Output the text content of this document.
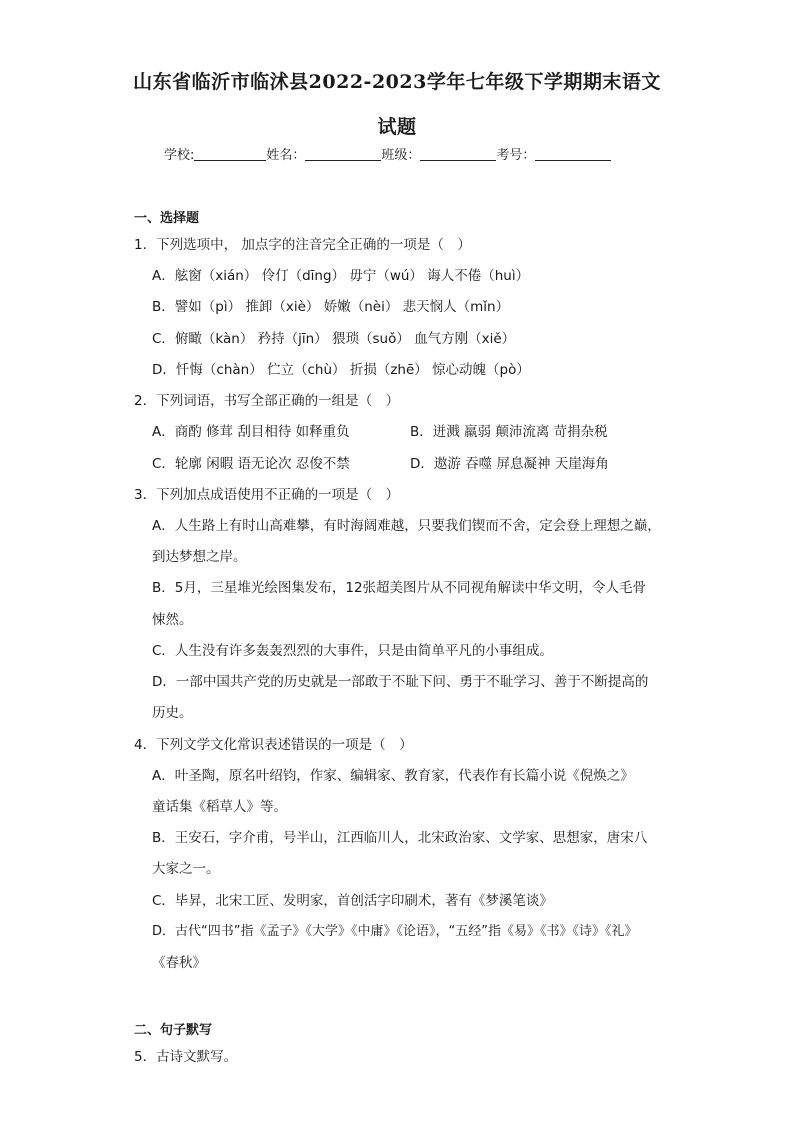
山东省临沂市临沭县2022-2023学年七年级下学期期末语文
试题
学校:	姓名：	班级：	考号：
一、选择题
1．下列选项中， 加点字的注音完全正确的一项是（　）
A．舷窗（xián） 伶仃（dīng） 毋宁（wú） 诲人不倦（huì）
B．譬如（pì） 推卸（xiè） 娇嫩（nèi） 悲天悯人（mǐn）
C．俯瞰（kàn） 矜持（jīn） 猥琐（suǒ） 血气方刚（xiě）
D．忏悔（chàn） 伫立（chù） 折损（zhē） 惊心动魄（pò）
2．下列词语，书写全部正确的一组是（　）
A．商酌 修茸 刮目相待 如释重负	B．迸溅 羸弱 颠沛流离 苛捐杂税
C．轮廓 闲暇 语无论次 忍俊不禁	D．遨游 吞噬 屏息凝神 天崖海角
3．下列加点成语使用不正确的一项是（　）
A．人生路上有时山高难攀，有时海阔难越，只要我们锲而不舍，定会登上理想之巅，
到达梦想之岸。
B．5月，三星堆光绘图集发布，12张超美图片从不同视角解读中华文明，令人毛骨
悚然。
C．人生没有许多轰轰烈烈的大事件，只是由简单平凡的小事组成。
D．一部中国共产党的历史就是一部敢于不耻下问、勇于不耻学习、善于不断提高的
历史。
4．下列文学文化常识表述错误的一项是（　）
A．叶圣陶，原名叶绍钧，作家、编辑家、教育家，代表作有长篇小说《倪焕之》
童话集《稻草人》等。
B．王安石，字介甫，号半山，江西临川人，北宋政治家、文学家、思想家，唐宋八
大家之一。
C．毕昇，北宋工匠、发明家，首创活字印刷术，著有《梦溪笔谈》
D．古代“四书”指《孟子》《大学》《中庸》《论语》，“五经”指《易》《书》《诗》《礼》
《春秋》
二、句子默写
5．古诗文默写。
